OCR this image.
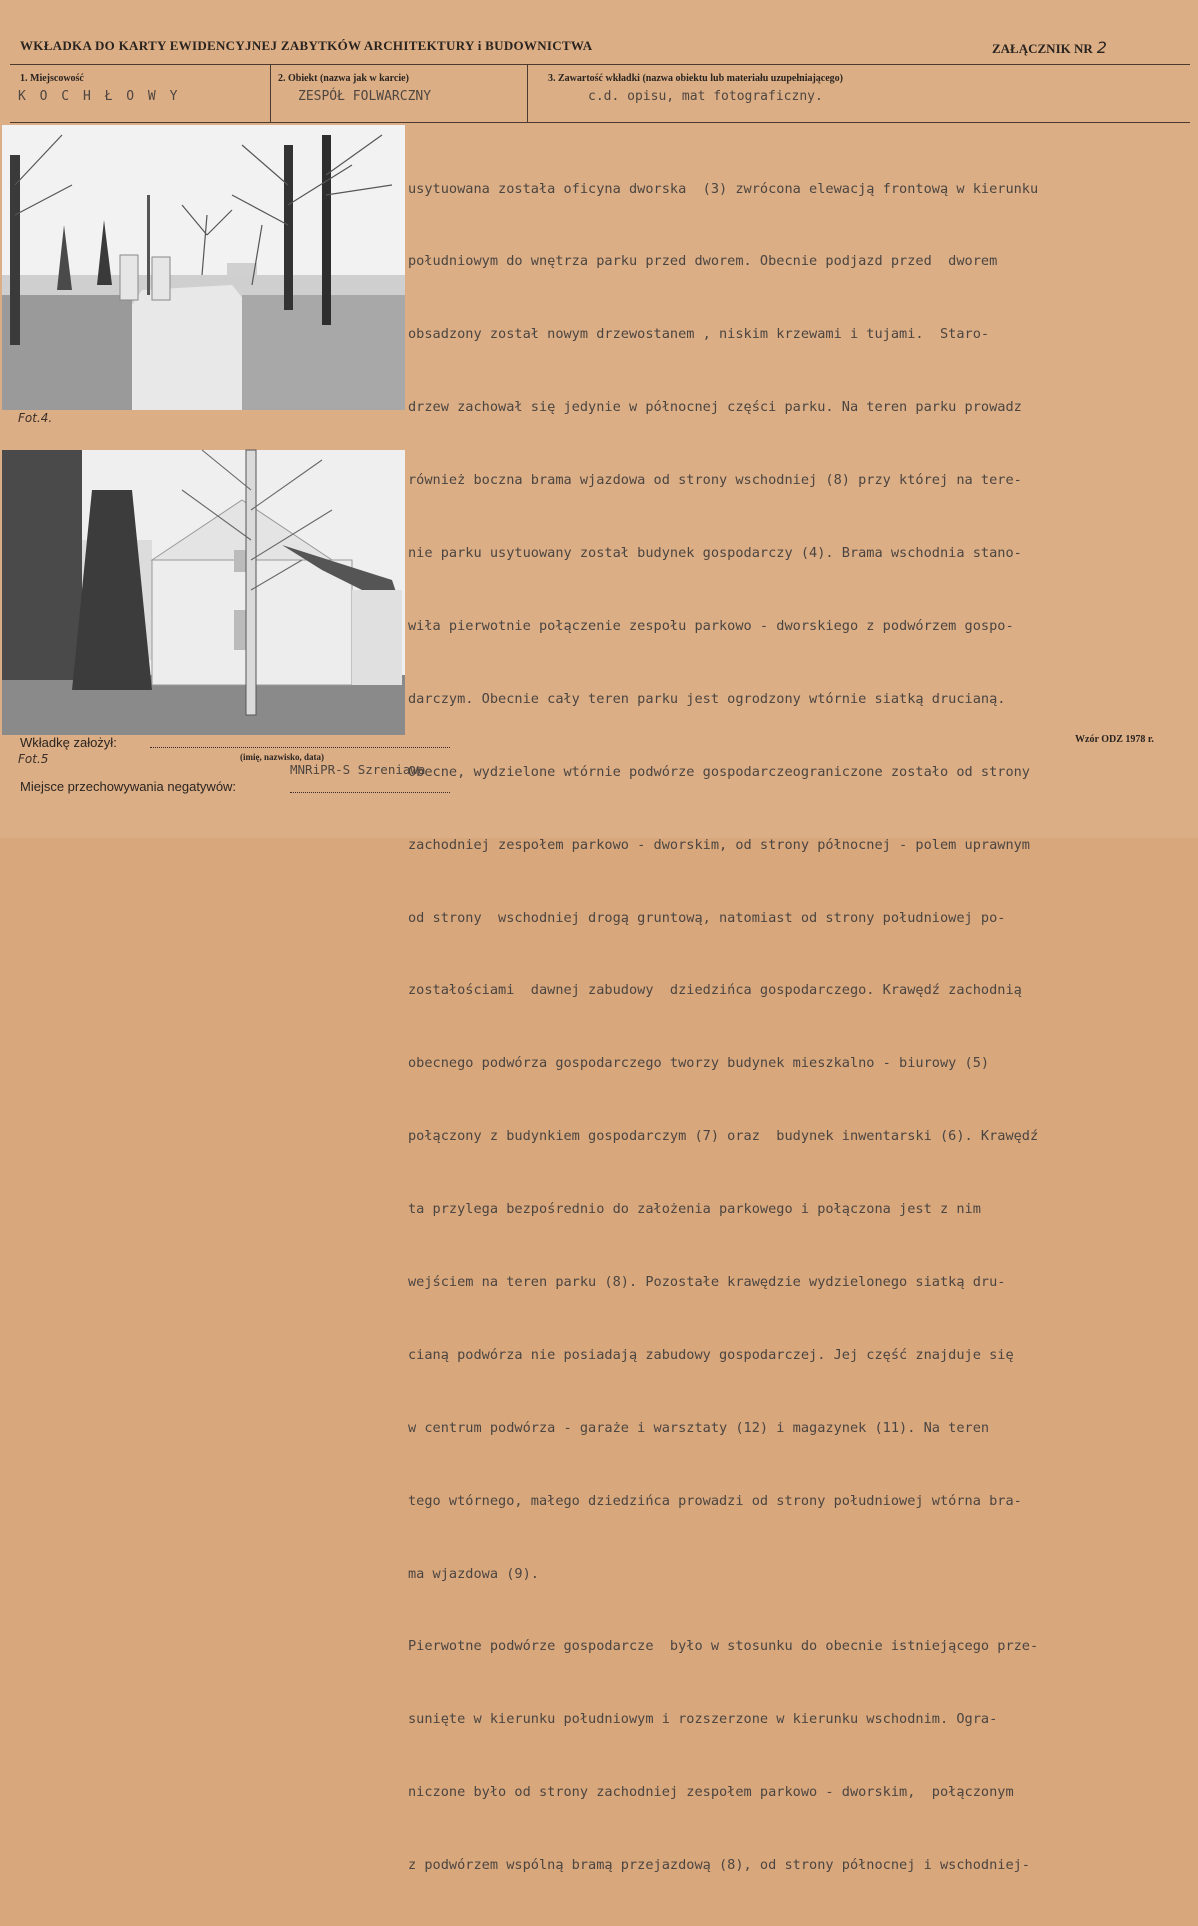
WKŁADKA DO KARTY EWIDENCYJNEJ ZABYTKÓW ARCHITEKTURY i BUDOWNICTWA	ZAŁĄCZNIK NR 2
1. Miejscowość
K O C H Ł O W Y
2. Obiekt (nazwa jak w karcie)
ZESPÓŁ FOLWARCZNY
3. Zawartość wkładki (nazwa obiektu lub materiału uzupełniającego)
c.d. opisu, mat fotograficzny.
Fot.4.
Fot.5

usytuowana została oficyna dworska  (3) zwrócona elewacją frontową w kierunku

południowym do wnętrza parku przed dworem. Obecnie podjazd przed  dworem

obsadzony został nowym drzewostanem , niskim krzewami i tujami.  Staro-

drzew zachował się jedynie w północnej części parku. Na teren parku prowadz

również boczna brama wjazdowa od strony wschodniej (8) przy której na tere-

nie parku usytuowany został budynek gospodarczy (4). Brama wschodnia stano-

wiła pierwotnie połączenie zespołu parkowo - dworskiego z podwórzem gospo-

darczym. Obecnie cały teren parku jest ogrodzony wtórnie siatką drucianą.

Obecne, wydzielone wtórnie podwórze gospodarczeograniczone zostało od strony

zachodniej zespołem parkowo - dworskim, od strony północnej - polem uprawnym

od strony  wschodniej drogą gruntową, natomiast od strony południowej po-

zostałościami  dawnej zabudowy  dziedzińca gospodarczego. Krawędź zachodnią

obecnego podwórza gospodarczego tworzy budynek mieszkalno - biurowy (5)

połączony z budynkiem gospodarczym (7) oraz  budynek inwentarski (6). Krawędź

ta przylega bezpośrednio do założenia parkowego i połączona jest z nim

wejściem na teren parku (8). Pozostałe krawędzie wydzielonego siatką dru-

cianą podwórza nie posiadają zabudowy gospodarczej. Jej część znajduje się

w centrum podwórza - garaże i warsztaty (12) i magazynek (11). Na teren

tego wtórnego, małego dziedzińca prowadzi od strony południowej wtórna bra-

ma wjazdowa (9).

Pierwotne podwórze gospodarcze  było w stosunku do obecnie istniejącego prze-

sunięte w kierunku południowym i rozszerzone w kierunku wschodnim. Ogra-

niczone było od strony zachodniej zespołem parkowo - dworskim,  połączonym

z podwórzem wspólną bramą przejazdową (8), od strony północnej i wschodniej-

Wkładkę założył:
(imię, nazwisko, data)
Wzór ODZ 1978 r.
MNRiPR-S Szreniawa
Miejsce przechowywania negatywów:
